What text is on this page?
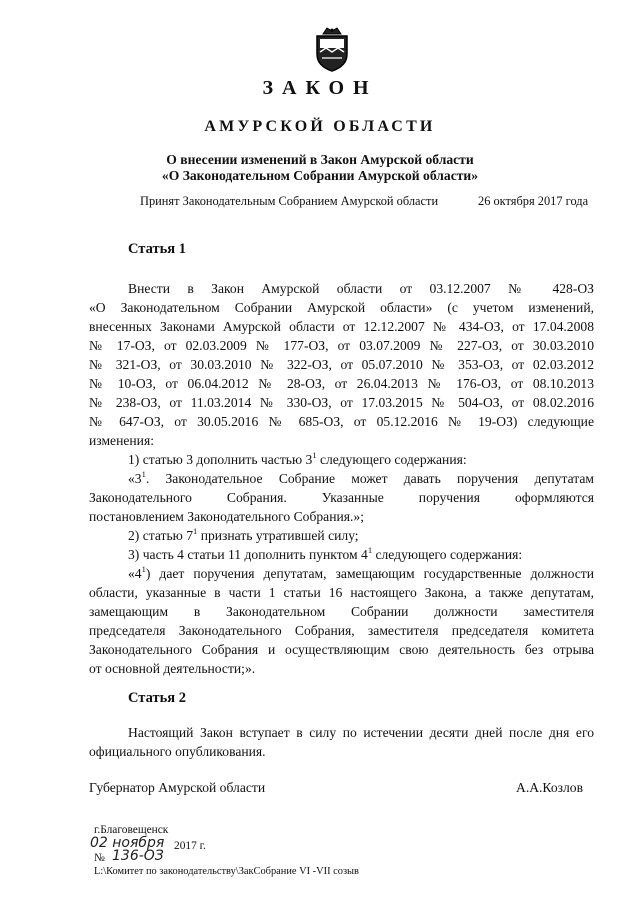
ЗАКОН
АМУРСКОЙ ОБЛАСТИ
О внесении изменений в Закон Амурской области
«О Законодательном Собрании Амурской области»
Принят Законодательным Собранием Амурской области	26 октября 2017 года
Статья 1
Внести в Закон Амурской области от 03.12.2007 № 428-ОЗ
«О Законодательном Собрании Амурской области» (с учетом изменений,
внесенных Законами Амурской области от 12.12.2007 № 434-ОЗ, от 17.04.2008
№ 17-ОЗ, от 02.03.2009 № 177-ОЗ, от 03.07.2009 № 227-ОЗ, от 30.03.2010
№ 321-ОЗ, от 30.03.2010 № 322-ОЗ, от 05.07.2010 № 353-ОЗ, от 02.03.2012
№ 10-ОЗ, от 06.04.2012 № 28-ОЗ, от 26.04.2013 № 176-ОЗ, от 08.10.2013
№ 238-ОЗ, от 11.03.2014 № 330-ОЗ, от 17.03.2015 № 504-ОЗ, от 08.02.2016
№ 647-ОЗ, от 30.05.2016 № 685-ОЗ, от 05.12.2016 № 19-ОЗ) следующие
изменения:
1) статью 3 дополнить частью $3^1$ следующего содержания:
«$3^1$. Законодательное Собрание может давать поручения депутатам
Законодательного Собрания. Указанные поручения оформляются
постановлением Законодательного Собрания.»;
2) статью $7^1$ признать утратившей силу;
3) часть 4 статьи 11 дополнить пунктом $4^1$ следующего содержания:
«$4^1$) дает поручения депутатам, замещающим государственные должности
области, указанные в части 1 статьи 16 настоящего Закона, а также депутатам,
замещающим в Законодательном Собрании должности заместителя
председателя Законодательного Собрания, заместителя председателя комитета
Законодательного Собрания и осуществляющим свою деятельность без отрыва
от основной деятельности;».
Статья 2
Настоящий Закон вступает в силу по истечении десяти дней после дня его
официального опубликования.
Губернатор Амурской области	А.А.Козлов
г.Благовещенск
02 ноября 2017 г.
№ 136-ОЗ
L:\Комитет по законодательству\ЗакСобрание VI -VII созыв
